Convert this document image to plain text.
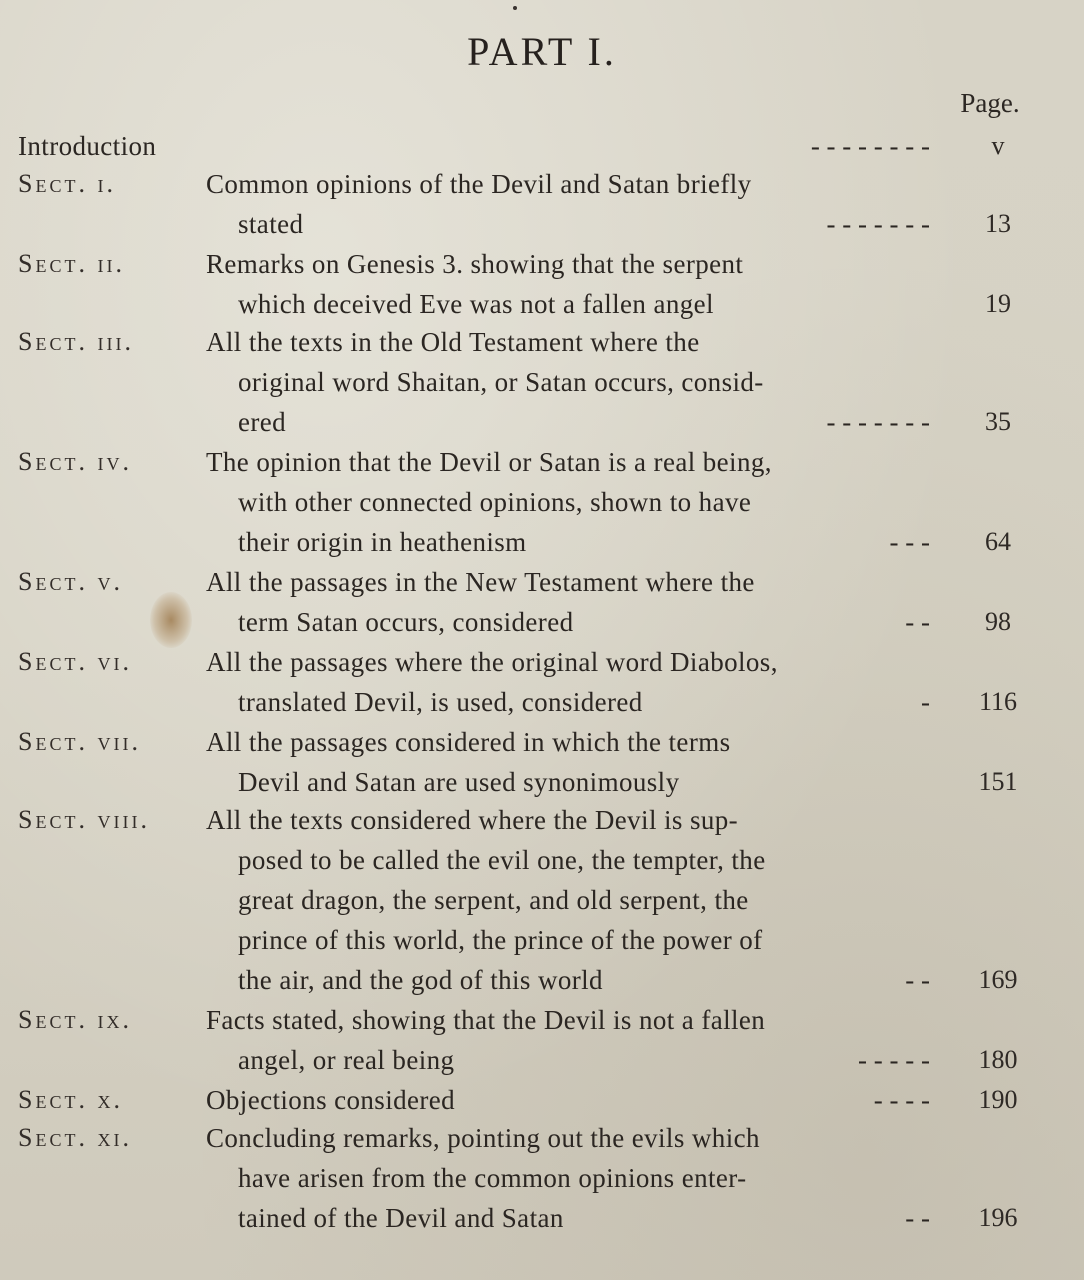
PART I.
Page.
Introduction	- - - - - - - -	v
Sect. i.	Common opinions of the Devil and Satan briefly
stated	- - - - - - -	13
Sect. ii.	Remarks on Genesis 3. showing that the serpent
which deceived Eve was not a fallen angel	19
Sect. iii.	All the texts in the Old Testament where the
original word Shaitan, or Satan occurs, consid-
ered	- - - - - - -	35
Sect. iv.	The opinion that the Devil or Satan is a real being,
with other connected opinions, shown to have
their origin in heathenism	- - -	64
Sect. v.	All the passages in the New Testament where the
term Satan occurs, considered	- -	98
Sect. vi.	All the passages where the original word Diabolos,
translated Devil, is used, considered	-	116
Sect. vii. All the passages considered in which the terms
Devil and Satan are used synonimously	151
Sect. viii. All the texts considered where the Devil is sup-
posed to be called the evil one, the tempter, the
great dragon, the serpent, and old serpent, the
prince of this world, the prince of the power of
the air, and the god of this world	- -	169
Sect. ix.	Facts stated, showing that the Devil is not a fallen
angel, or real being	- - - - -	180
Sect. x.	Objections considered	- - - -	190
Sect. xi.	Concluding remarks, pointing out the evils which
have arisen from the common opinions enter-
tained of the Devil and Satan	- -	196
